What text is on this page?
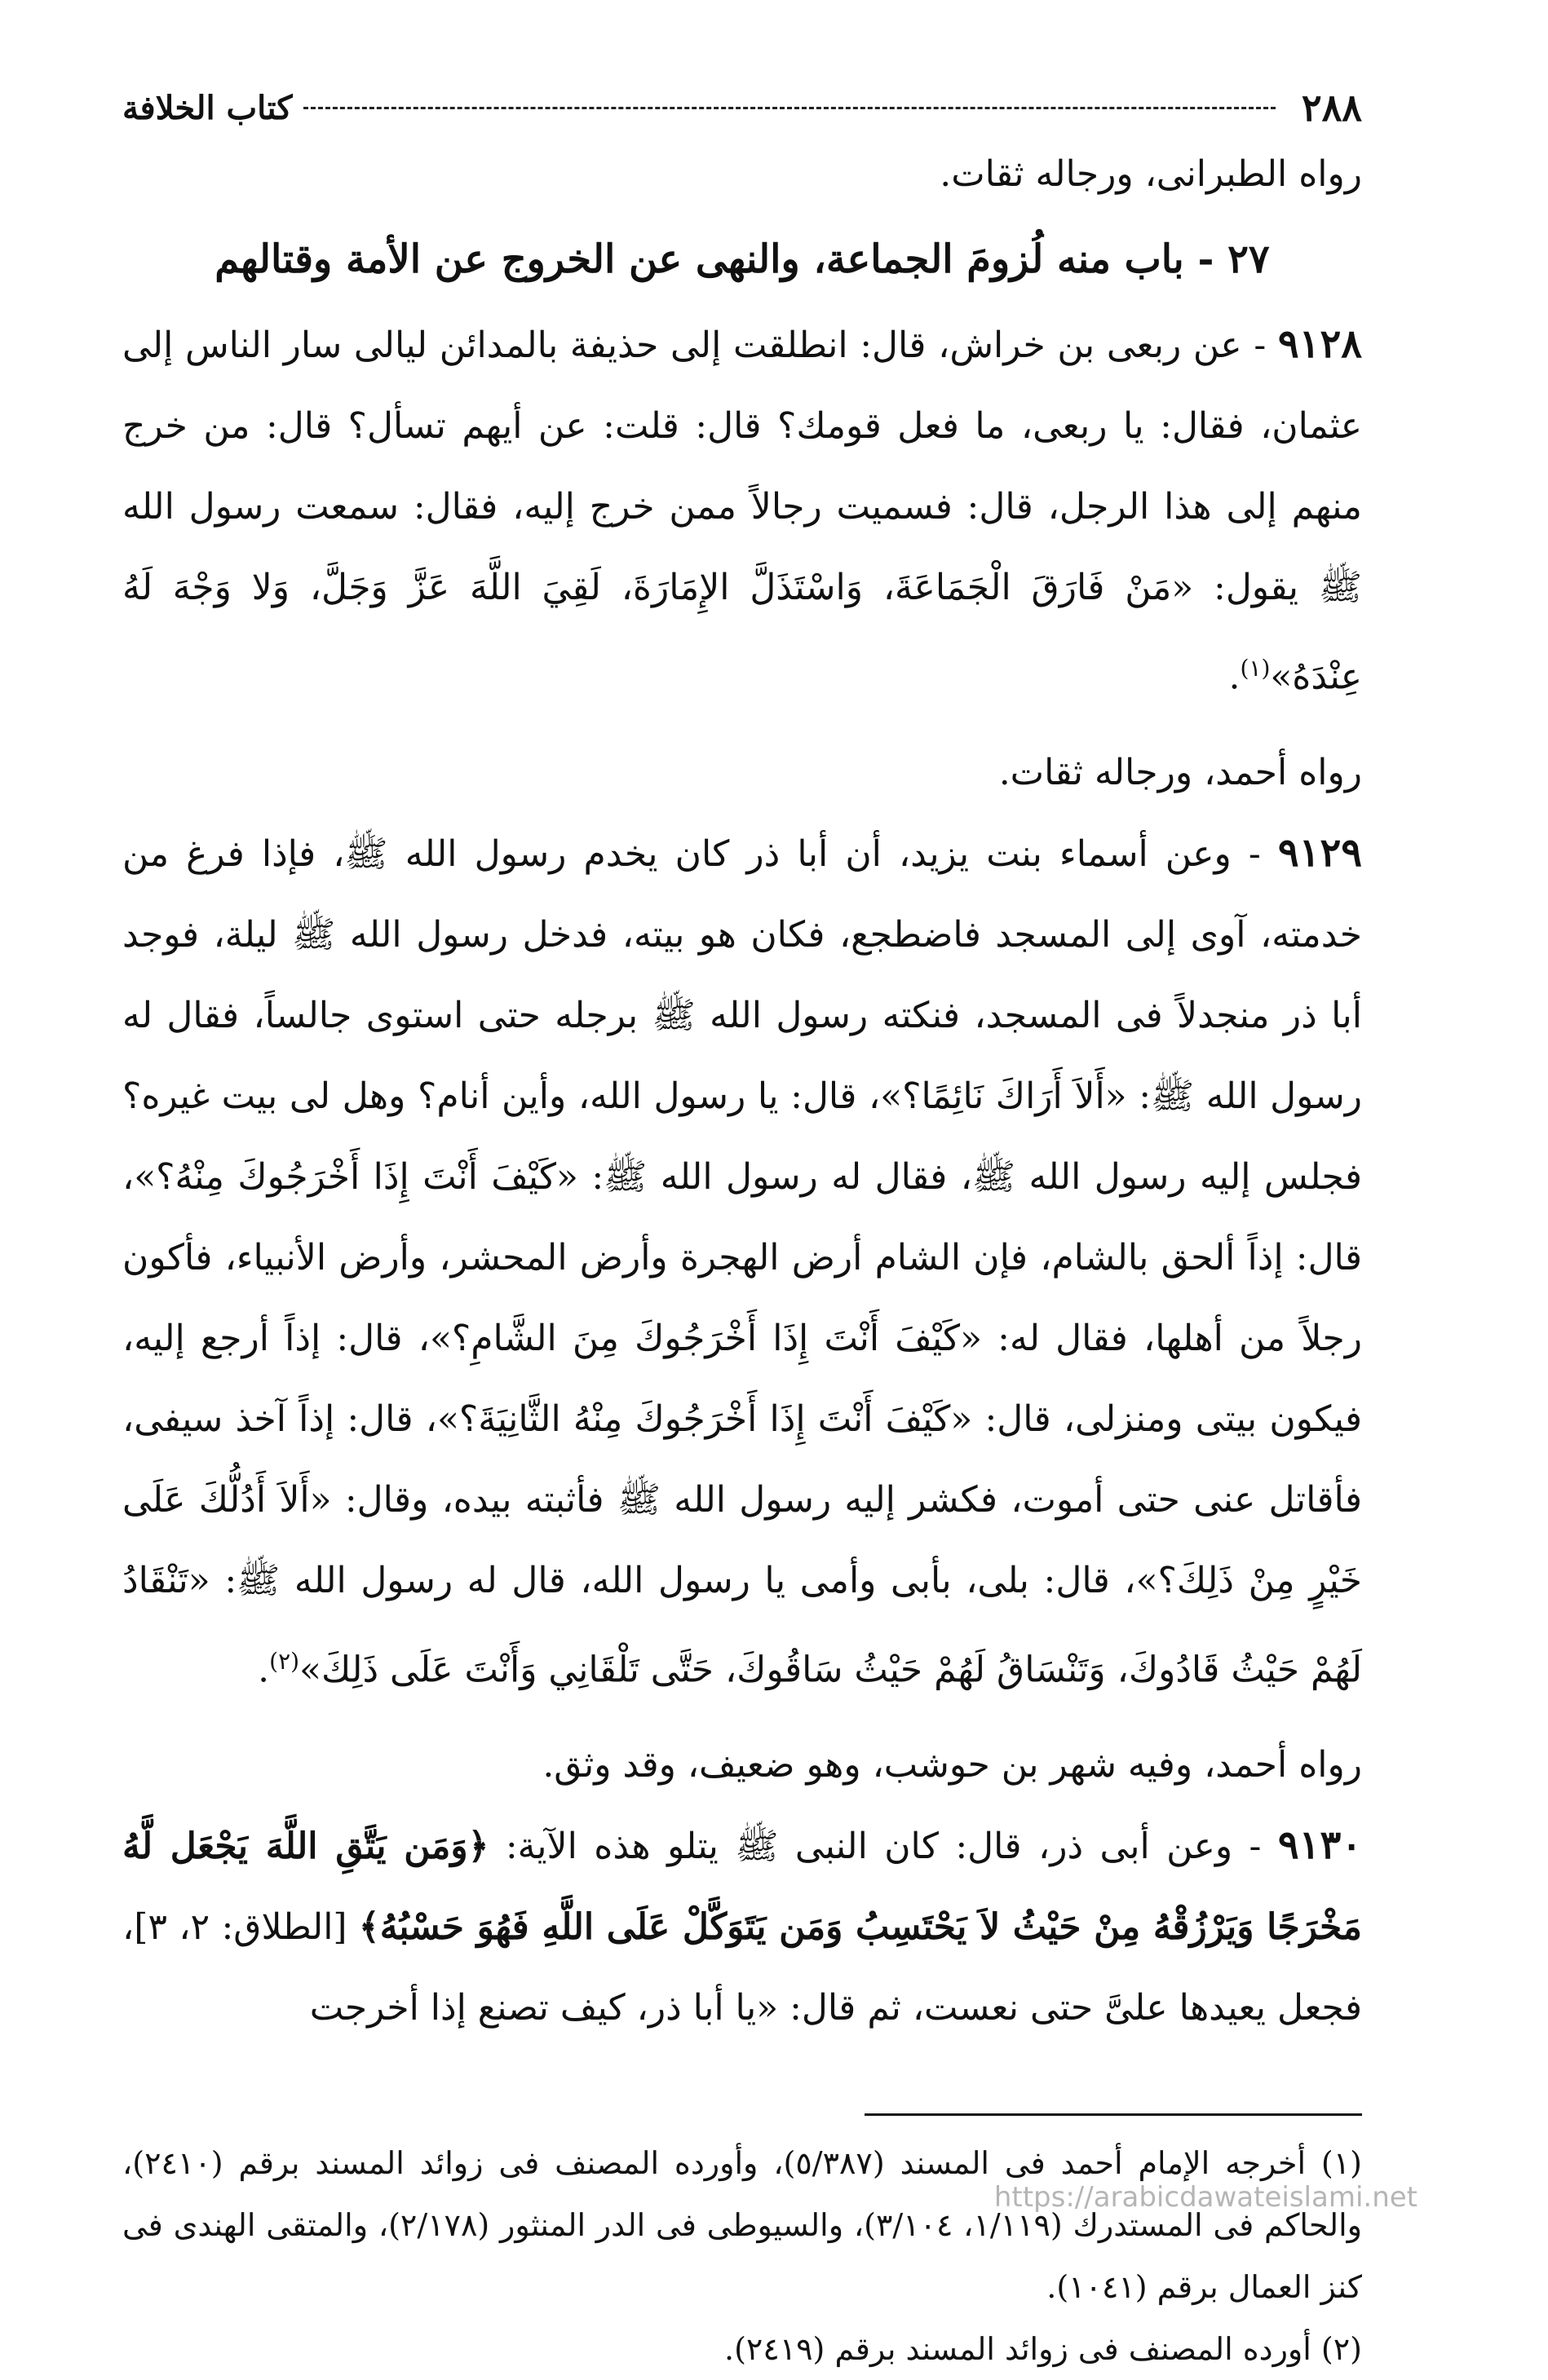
٢٨٨
كتاب الخلافة

رواه الطبرانى، ورجاله ثقات.

٢٧ - باب منه لُزومَ الجماعة، والنهى عن الخروج عن الأمة وقتالهم

٩١٢٨ - عن ربعى بن خراش، قال: انطلقت إلى حذيفة بالمدائن ليالى سار الناس إلى عثمان، فقال: يا ربعى، ما فعل قومك؟ قال: قلت: عن أيهم تسأل؟ قال: من خرج منهم إلى هذا الرجل، قال: فسميت رجالاً ممن خرج إليه، فقال: سمعت رسول الله ﷺ يقول: «مَنْ فَارَقَ الْجَمَاعَةَ، وَاسْتَذَلَّ الإِمَارَةَ، لَقِيَ اللَّهَ عَزَّ وَجَلَّ، وَلا وَجْهَ لَهُ عِنْدَهُ»$^{(١)}$.

رواه أحمد، ورجاله ثقات.

٩١٢٩ - وعن أسماء بنت يزيد، أن أبا ذر كان يخدم رسول الله ﷺ، فإذا فرغ من خدمته، آوى إلى المسجد فاضطجع، فكان هو بيته، فدخل رسول الله ﷺ ليلة، فوجد أبا ذر منجدلاً فى المسجد، فنكته رسول الله ﷺ برجله حتى استوى جالساً، فقال له رسول الله ﷺ: «أَلاَ أَرَاكَ نَائِمًا؟»، قال: يا رسول الله، وأين أنام؟ وهل لى بيت غيره؟ فجلس إليه رسول الله ﷺ، فقال له رسول الله ﷺ: «كَيْفَ أَنْتَ إِذَا أَخْرَجُوكَ مِنْهُ؟»، قال: إذاً ألحق بالشام، فإن الشام أرض الهجرة وأرض المحشر، وأرض الأنبياء، فأكون رجلاً من أهلها، فقال له: «كَيْفَ أَنْتَ إِذَا أَخْرَجُوكَ مِنَ الشَّامِ؟»، قال: إذاً أرجع إليه، فيكون بيتى ومنزلى، قال: «كَيْفَ أَنْتَ إِذَا أَخْرَجُوكَ مِنْهُ الثَّانِيَةَ؟»، قال: إذاً آخذ سيفى، فأقاتل عنى حتى أموت، فكشر إليه رسول الله ﷺ فأثبته بيده، وقال: «أَلاَ أَدُلُّكَ عَلَى خَيْرٍ مِنْ ذَلِكَ؟»، قال: بلى، بأبى وأمى يا رسول الله، قال له رسول الله ﷺ: «تَنْقَادُ لَهُمْ حَيْثُ قَادُوكَ، وَتَنْسَاقُ لَهُمْ حَيْثُ سَاقُوكَ، حَتَّى تَلْقَانِي وَأَنْتَ عَلَى ذَلِكَ»$^{(٢)}$.

رواه أحمد، وفيه شهر بن حوشب، وهو ضعيف، وقد وثق.

٩١٣٠ - وعن أبى ذر، قال: كان النبى ﷺ يتلو هذه الآية: ﴿وَمَن يَتَّقِ اللَّهَ يَجْعَل لَّهُ مَخْرَجًا وَيَرْزُقْهُ مِنْ حَيْثُ لاَ يَحْتَسِبُ وَمَن يَتَوَكَّلْ عَلَى اللَّهِ فَهُوَ حَسْبُهُ﴾ [الطلاق: ٢، ٣]، فجعل يعيدها علىَّ حتى نعست، ثم قال: «يا أبا ذر، كيف تصنع إذا أخرجت

(١) أخرجه الإمام أحمد فى المسند (٥/٣٨٧)، وأورده المصنف فى زوائد المسند برقم (٢٤١٠)، والحاكم فى المستدرك (١/١١٩، ٣/١٠٤)، والسيوطى فى الدر المنثور (٢/١٧٨)، والمتقى الهندى فى كنز العمال برقم (١٠٤١).

(٢) أورده المصنف فى زوائد المسند برقم (٢٤١٩).

https://arabicdawateislami.net
